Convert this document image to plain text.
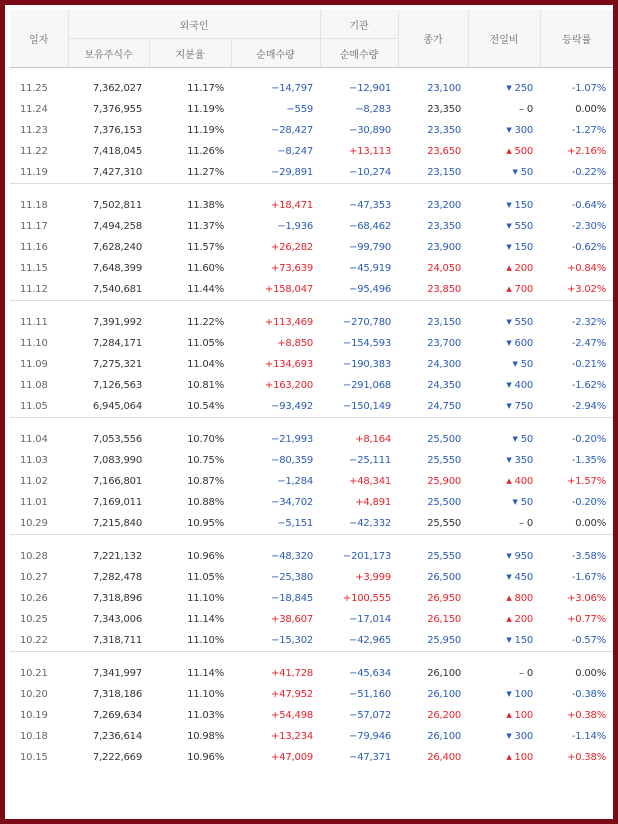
일자	외국인			기관	종가	전일비	등락률
	보유주식수	지분율	순매수량	순매수량			

11.25	7,362,027	11.17%	−14,797	−12,901	23,100	▼ 250	-1.07%
11.24	7,376,955	11.19%	−559	−8,283	23,350	– 0	0.00%
11.23	7,376,153	11.19%	−28,427	−30,890	23,350	▼ 300	-1.27%
11.22	7,418,045	11.26%	−8,247	+13,113	23,650	▲ 500	+2.16%
11.19	7,427,310	11.27%	−29,891	−10,274	23,150	▼ 50	-0.22%

11.18	7,502,811	11.38%	+18,471	−47,353	23,200	▼ 150	-0.64%
11.17	7,494,258	11.37%	−1,936	−68,462	23,350	▼ 550	-2.30%
11.16	7,628,240	11.57%	+26,282	−99,790	23,900	▼ 150	-0.62%
11.15	7,648,399	11.60%	+73,639	−45,919	24,050	▲ 200	+0.84%
11.12	7,540,681	11.44%	+158,047	−95,496	23,850	▲ 700	+3.02%

11.11	7,391,992	11.22%	+113,469	−270,780	23,150	▼ 550	-2.32%
11.10	7,284,171	11.05%	+8,850	−154,593	23,700	▼ 600	-2.47%
11.09	7,275,321	11.04%	+134,693	−190,383	24,300	▼ 50	-0.21%
11.08	7,126,563	10.81%	+163,200	−291,068	24,350	▼ 400	-1.62%
11.05	6,945,064	10.54%	−93,492	−150,149	24,750	▼ 750	-2.94%

11.04	7,053,556	10.70%	−21,993	+8,164	25,500	▼ 50	-0.20%
11.03	7,083,990	10.75%	−80,359	−25,111	25,550	▼ 350	-1.35%
11.02	7,166,801	10.87%	−1,284	+48,341	25,900	▲ 400	+1.57%
11.01	7,169,011	10.88%	−34,702	+4,891	25,500	▼ 50	-0.20%
10.29	7,215,840	10.95%	−5,151	−42,332	25,550	– 0	0.00%

10.28	7,221,132	10.96%	−48,320	−201,173	25,550	▼ 950	-3.58%
10.27	7,282,478	11.05%	−25,380	+3,999	26,500	▼ 450	-1.67%
10.26	7,318,896	11.10%	−18,845	+100,555	26,950	▲ 800	+3.06%
10.25	7,343,006	11.14%	+38,607	−17,014	26,150	▲ 200	+0.77%
10.22	7,318,711	11.10%	−15,302	−42,965	25,950	▼ 150	-0.57%

10.21	7,341,997	11.14%	+41,728	−45,634	26,100	– 0	0.00%
10.20	7,318,186	11.10%	+47,952	−51,160	26,100	▼ 100	-0.38%
10.19	7,269,634	11.03%	+54,498	−57,072	26,200	▲ 100	+0.38%
10.18	7,236,614	10.98%	+13,234	−79,946	26,100	▼ 300	-1.14%
10.15	7,222,669	10.96%	+47,009	−47,371	26,400	▲ 100	+0.38%
